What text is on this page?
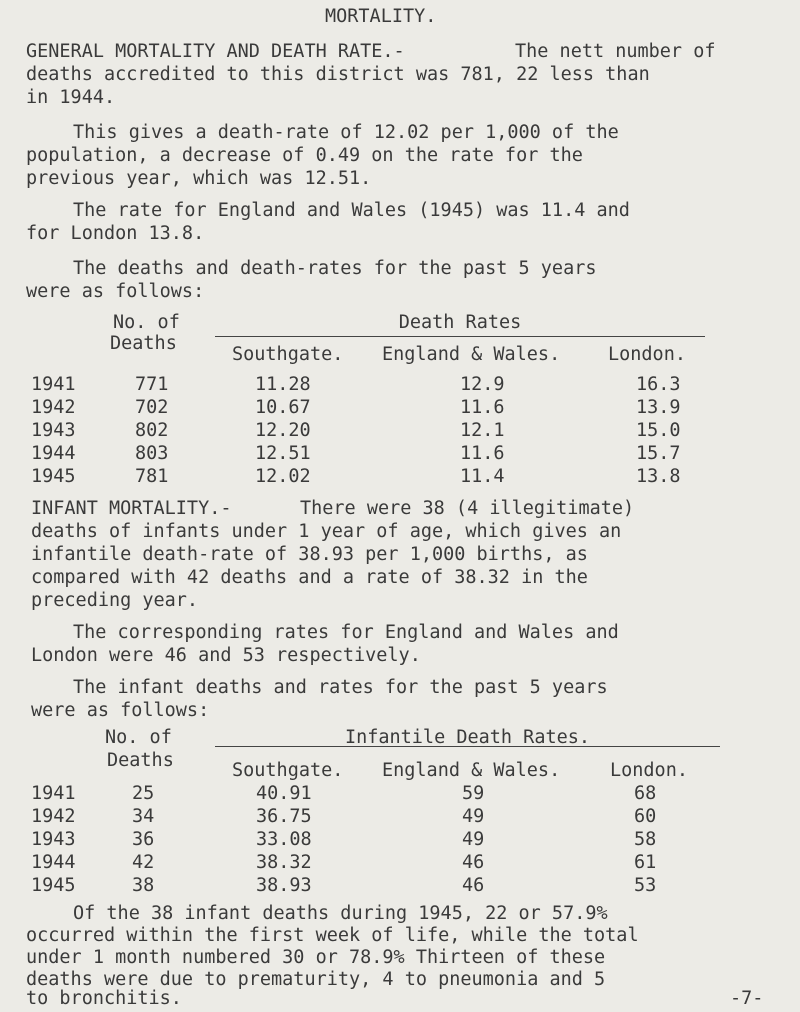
MORTALITY.
GENERAL MORTALITY AND DEATH RATE.-	The nett number of
deaths accredited to this district was 781, 22 less than
in 1944.
This gives a death-rate of 12.02 per 1,000 of the
population, a decrease of 0.49 on the rate for the
previous year, which was 12.51.
The rate for England and Wales (1945) was 11.4 and
for London 13.8.
The deaths and death-rates for the past 5 years
were as follows:
No. of
Deaths
Death Rates
Southgate. England & Wales.	London.
1941	771	11.28	12.9	16.3
1942	702	10.67	11.6	13.9
1943	802	12.20	12.1	15.0
1944	803	12.51	11.6	15.7
1945	781	12.02	11.4	13.8
INFANT MORTALITY.-	There were 38 (4 illegitimate)
deaths of infants under 1 year of age, which gives an
infantile death-rate of 38.93 per 1,000 births, as
compared with 42 deaths and a rate of 38.32 in the
preceding year.
The corresponding rates for England and Wales and
London were 46 and 53 respectively.
The infant deaths and rates for the past 5 years
were as follows:
No. of
Deaths
Infantile Death Rates.
Southgate. England & Wales.	London.
1941	25	40.91	59	68
1942	34	36.75	49	60
1943	36	33.08	49	58
1944	42	38.32	46	61
1945	38	38.93	46	53
Of the 38 infant deaths during 1945, 22 or 57.9%
occurred within the first week of life, while the total
under 1 month numbered 30 or 78.9% Thirteen of these
deaths were due to prematurity, 4 to pneumonia and 5
to bronchitis.	-7-
